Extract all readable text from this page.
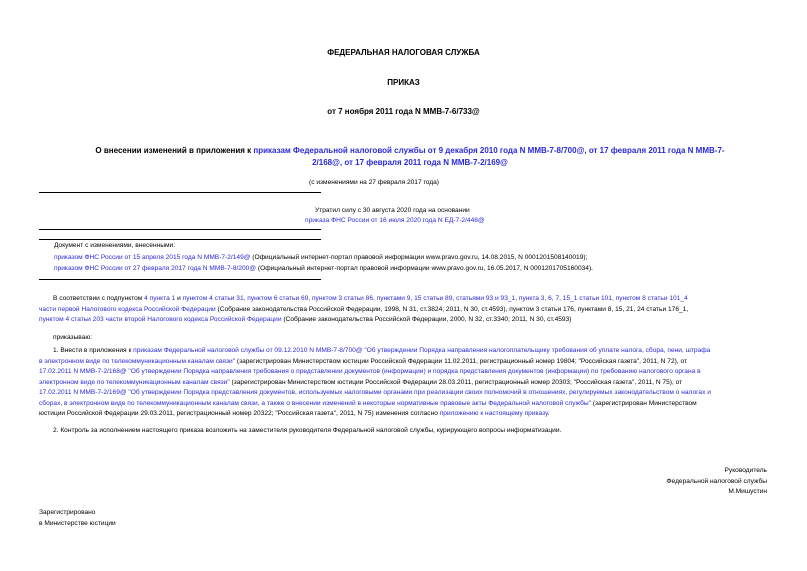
ФЕДЕРАЛЬНАЯ НАЛОГОВАЯ СЛУЖБА
ПРИКАЗ
от 7 ноября 2011 года N ММВ-7-6/733@
О внесении изменений в приложения к приказам Федеральной налоговой службы от 9 декабря 2010 года N ММВ-7-8/700@, от 17 февраля 2011 года N ММВ-7-
2/168@, от 17 февраля 2011 года N ММВ-7-2/169@
(с изменениями на 27 февраля 2017 года)
Утратил силу с 30 августа 2020 года на основании
приказа ФНС России от 16 июля 2020 года N ЕД-7-2/448@
Документ с изменениями, внесенными:
приказом ФНС России от 15 апреля 2015 года N ММВ-7-2/149@ (Официальный интернет-портал правовой информации www.pravo.gov.ru, 14.08.2015, N 0001201508140019);
приказом ФНС России от 27 февраля 2017 года N ММВ-7-8/200@ (Официальный интернет-портал правовой информации www.pravo.gov.ru, 16.05.2017, N 0001201705160034).

В соответствии с подпунктом 4 пункта 1 и пунктом 4 статьи 31, пунктом 6 статьи 69, пунктом 3 статьи 86, пунктами 9, 15 статьи 89, статьями 93 и 93_1, пункта 3, 6, 7, 15_1 статьи 101, пунктом 8 статьи 101_4

части первой Налогового кодекса Российской Федерации (Собрание законодательства Российской Федерации, 1998, N 31, ст.3824; 2011, N 30, ст.4593), пунктом 3 статьи 176, пунктами 8, 15, 21, 24 статьи 176_1,

пунктом 4 статьи 203 части второй Налогового кодекса Российской Федерации (Собрание законодательства Российской Федерации, 2000, N 32, ст.3340; 2011, N 30, ст.4593)

приказываю:

1. Внести в приложения к приказам Федеральной налоговой службы от 09.12.2010 N ММВ-7-8/700@ "Об утверждении Порядка направления налогоплательщику требования об уплате налога, сбора, пени, штрафа

в электронном виде по телекоммуникационным каналам связи" (зарегистрирован Министерством юстиции Российской Федерации 11.02.2011, регистрационный номер 19804; "Российская газета", 2011, N 72), от

17.02.2011 N ММВ-7-2/168@ "Об утверждении Порядка направления требования о представлении документов (информации) и порядка представления документов (информации) по требованию налогового органа в

электронном виде по телекоммуникационным каналам связи" (зарегистрирован Министерством юстиции Российской Федерации 28.03.2011, регистрационный номер 20303; "Российская газета", 2011, N 75), от

17.02.2011 N ММВ-7-2/169@ "Об утверждении Порядка представления документов, используемых налоговыми органами при реализации своих полномочий в отношениях, регулируемых законодательством о налогах и

сборах, в электронном виде по телекоммуникационным каналам связи, а также о внесении изменений в некоторые нормативные правовые акты Федеральной налоговой службы" (зарегистрирован Министерством

юстиции Российской Федерации 29.03.2011, регистрационный номер 20322; "Российская газета", 2011, N 75) изменения согласно приложению к настоящему приказу.

2. Контроль за исполнением настоящего приказа возложить на заместителя руководителя Федеральной налоговой службы, курирующего вопросы информатизации.
Руководитель
Федеральной налоговой службы
М.Мишустин
Зарегистрировано
в Министерстве юстиции
